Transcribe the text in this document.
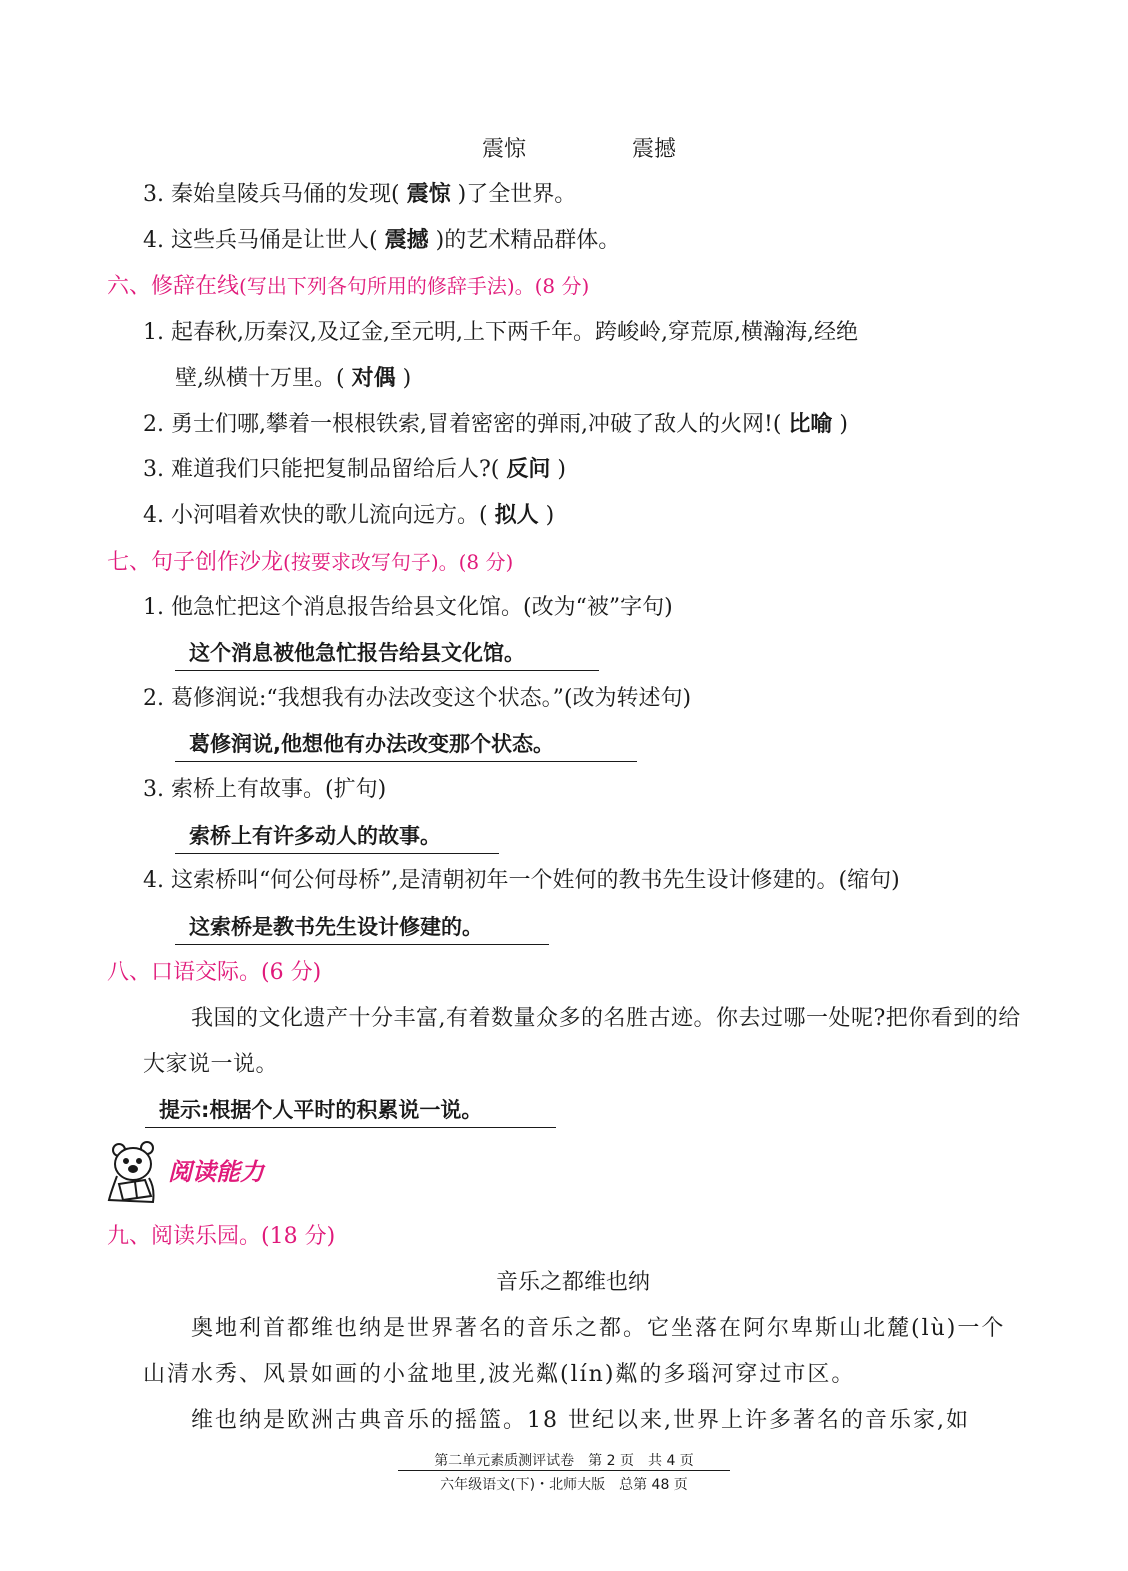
震惊	震撼
3. 秦始皇陵兵马俑的发现( 震惊 )了全世界。
4. 这些兵马俑是让世人( 震撼 )的艺术精品群体。
六、修辞在线(写出下列各句所用的修辞手法)。(8 分)
1. 起春秋,历秦汉,及辽金,至元明,上下两千年。跨峻岭,穿荒原,横瀚海,经绝
壁,纵横十万里。( 对偶 )
2. 勇士们哪,攀着一根根铁索,冒着密密的弹雨,冲破了敌人的火网!( 比喻 )
3. 难道我们只能把复制品留给后人?( 反问 )
4. 小河唱着欢快的歌儿流向远方。( 拟人 )
七、句子创作沙龙(按要求改写句子)。(8 分)
1. 他急忙把这个消息报告给县文化馆。(改为“被”字句)
这个消息被他急忙报告给县文化馆。
2. 葛修润说:“我想我有办法改变这个状态。”(改为转述句)
葛修润说,他想他有办法改变那个状态。
3. 索桥上有故事。(扩句)
索桥上有许多动人的故事。
4. 这索桥叫“何公何母桥”,是清朝初年一个姓何的教书先生设计修建的。(缩句)
这索桥是教书先生设计修建的。
八、口语交际。(6 分)
我国的文化遗产十分丰富,有着数量众多的名胜古迹。你去过哪一处呢?把你看到的给大家说一说。
提示:根据个人平时的积累说一说。
阅读能力
九、阅读乐园。(18 分)
音乐之都维也纳
奥地利首都维也纳是世界著名的音乐之都。它坐落在阿尔卑斯山北麓(lù)一个山清水秀、风景如画的小盆地里,波光粼(lín)粼的多瑙河穿过市区。
维也纳是欧洲古典音乐的摇篮。18 世纪以来,世界上许多著名的音乐家,如
第二单元素质测评试卷　第 2 页　共 4 页
六年级语文(下)・北师大版　总第 48 页
